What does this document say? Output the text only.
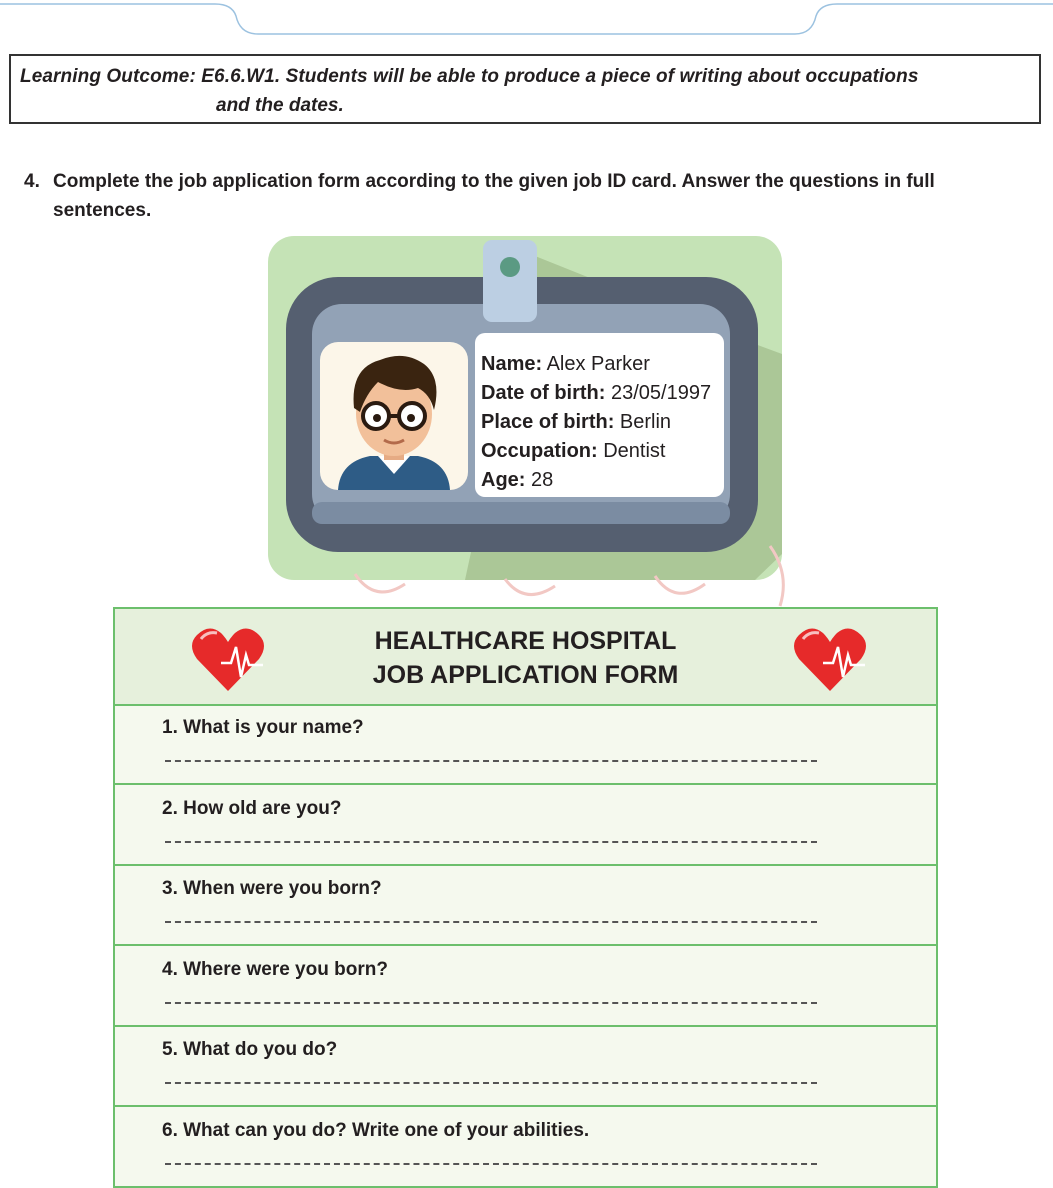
Learning Outcome: E6.6.W1. Students will be able to produce a piece of writing about occupations
and the dates.
4. Complete the job application form according to the given job ID card. Answer the questions in full
sentences.
Name: Alex Parker
Date of birth: 23/05/1997
Place of birth: Berlin
Occupation: Dentist
Age: 28
HEALTHCARE HOSPITAL
JOB APPLICATION FORM
1. What is your name?
2. How old are you?
3. When were you born?
4. Where were you born?
5. What do you do?
6. What can you do? Write one of your abilities.
